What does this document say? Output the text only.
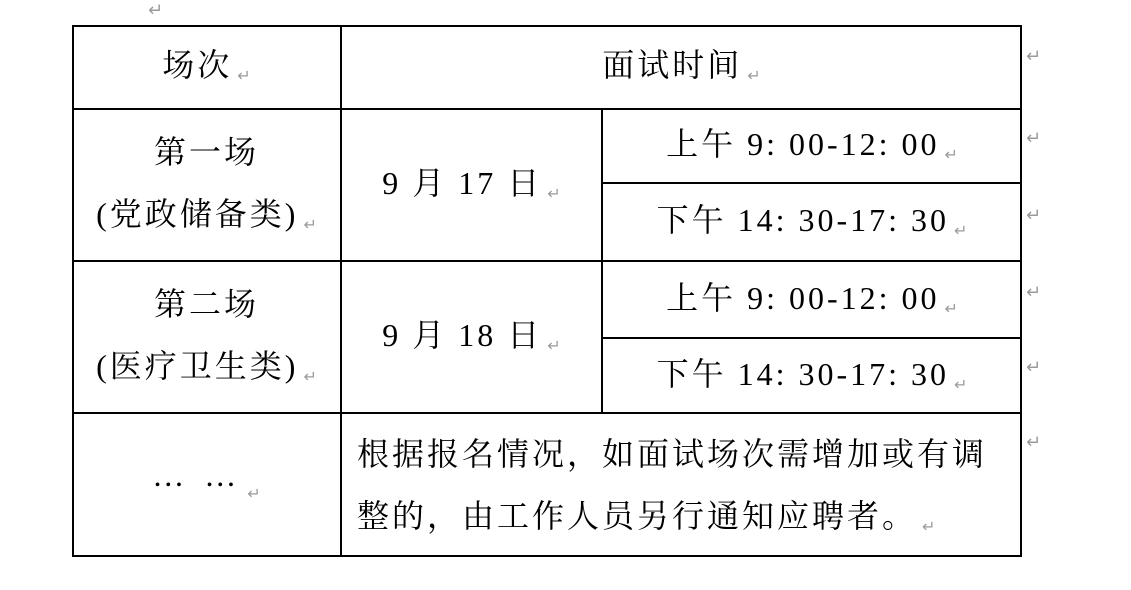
↵
↵
↵
↵
↵
↵
↵
场次 ↵	面试时间 ↵
第一场
(党政储备类) ↵
9 月 17 日 ↵
上午 9: 00-12: 00 ↵
下午 14: 30-17: 30 ↵
第二场
(医疗卫生类) ↵
9 月 18 日 ↵
上午 9: 00-12: 00 ↵
下午 14: 30-17: 30 ↵
… …↵
根据报名情况，如面试场次需增加或有调整的，由工作人员另行通知应聘者。 ↵
